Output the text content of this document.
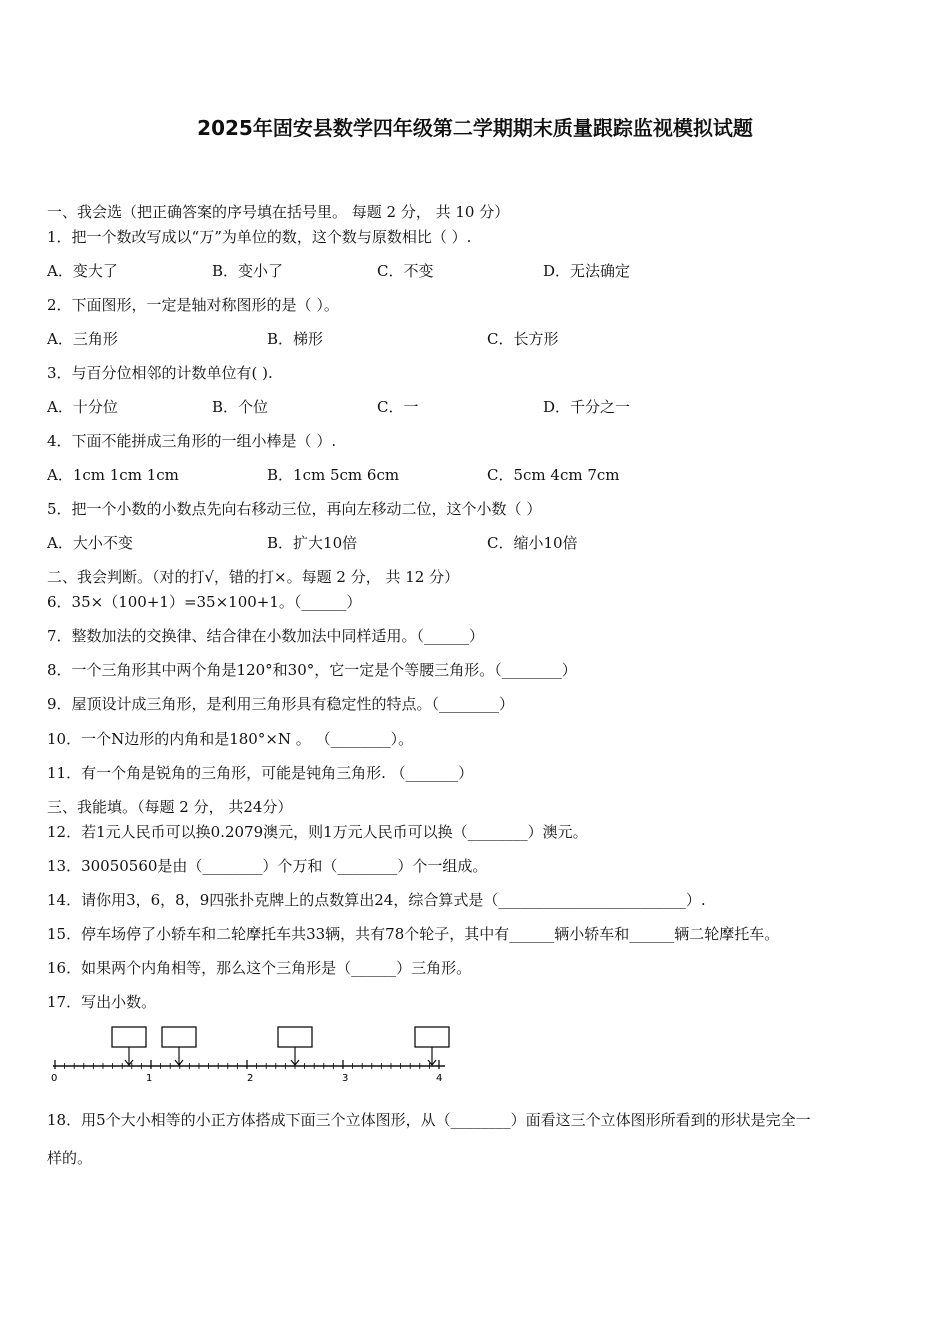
2025年固安县数学四年级第二学期期末质量跟踪监视模拟试题
一、我会选（把正确答案的序号填在括号里。 每题 2 分， 共 10 分）
1．把一个数改写成以“万”为单位的数，这个数与原数相比（ ）.
A．变大了	B．变小了	C．不变	D．无法确定
2．下面图形，一定是轴对称图形的是（ ）。
A．三角形	B．梯形	C．长方形
3．与百分位相邻的计数单位有( ).
A．十分位	B．个位	C．一	D．千分之一
4．下面不能拼成三角形的一组小棒是（ ）.
A．1cm 1cm 1cm	B．1cm 5cm 6cm	C．5cm 4cm 7cm
5．把一个小数的小数点先向右移动三位，再向左移动二位，这个小数（ ）
A．大小不变	B．扩大10倍	C．缩小10倍
二、我会判断。（对的打√，错的打×。每题 2 分， 共 12 分）
6．35×（100+1）=35×100+1。（______）
7．整数加法的交换律、结合律在小数加法中同样适用。（______）
8．一个三角形其中两个角是120°和30°，它一定是个等腰三角形。（________）
9．屋顶设计成三角形，是利用三角形具有稳定性的特点。（________）
10．一个N边形的内角和是180°×N 。 （________）。
11．有一个角是锐角的三角形，可能是钝角三角形. （_______）
三、我能填。（每题 2 分， 共24分）
12．若1元人民币可以换0.2079澳元，则1万元人民币可以换（________）澳元。
13．30050560是由（________）个万和（________）个一组成。
14．请你用3，6，8，9四张扑克牌上的点数算出24，综合算式是（_________________________）.
15．停车场停了小轿车和二轮摩托车共33辆，共有78个轮子，其中有______辆小轿车和______辆二轮摩托车。
16．如果两个内角相等，那么这个三角形是（______）三角形。
17．写出小数。
0	1	2	3	4
18．用5个大小相等的小正方体搭成下面三个立体图形，从（________）面看这三个立体图形所看到的形状是完全一
样的。
